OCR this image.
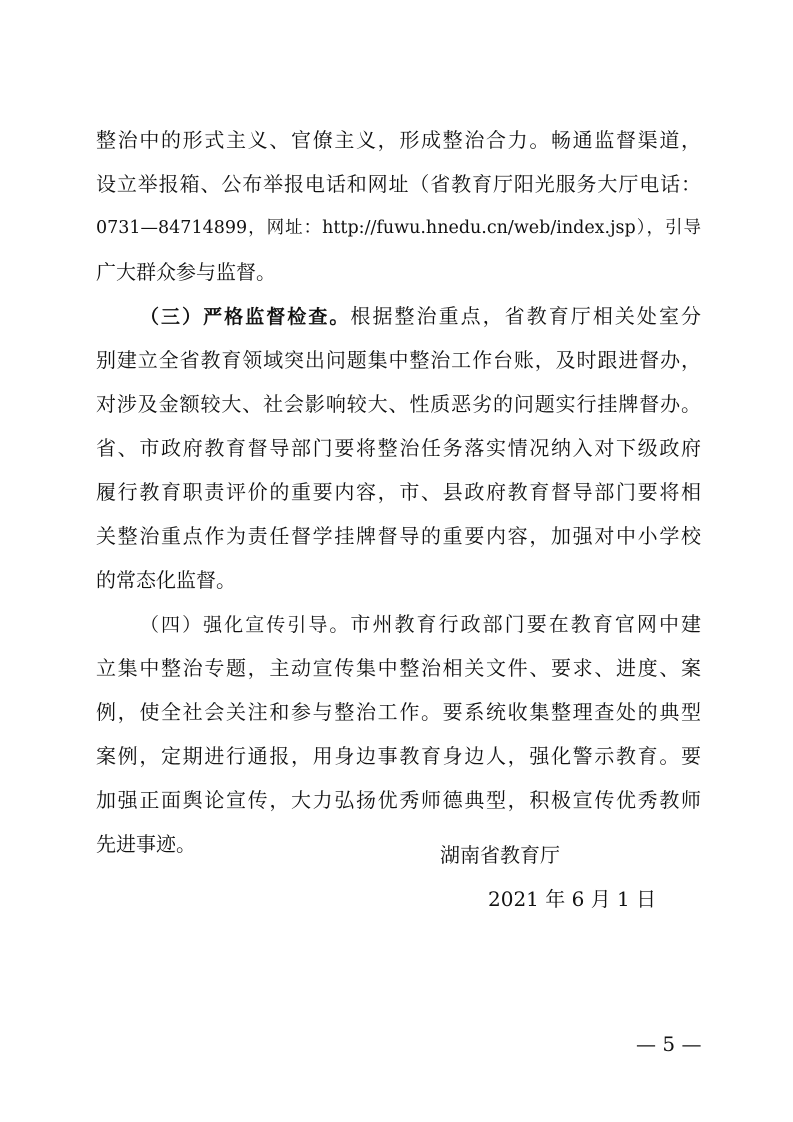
整治中的形式主义、官僚主义，形成整治合力。畅通监督渠道，
设立举报箱、公布举报电话和网址（省教育厅阳光服务大厅电话：
0731—84714899，网址：http://fuwu.hnedu.cn/web/index.jsp），引导
广大群众参与监督。
（三）严格监督检查。根据整治重点，省教育厅相关处室分
别建立全省教育领域突出问题集中整治工作台账，及时跟进督办，
对涉及金额较大、社会影响较大、性质恶劣的问题实行挂牌督办。
省、市政府教育督导部门要将整治任务落实情况纳入对下级政府
履行教育职责评价的重要内容，市、县政府教育督导部门要将相
关整治重点作为责任督学挂牌督导的重要内容，加强对中小学校
的常态化监督。
（四）强化宣传引导。市州教育行政部门要在教育官网中建
立集中整治专题，主动宣传集中整治相关文件、要求、进度、案
例，使全社会关注和参与整治工作。要系统收集整理查处的典型
案例，定期进行通报，用身边事教育身边人，强化警示教育。要
加强正面舆论宣传，大力弘扬优秀师德典型，积极宣传优秀教师
先进事迹。	湖南省教育厅
2021 年 6 月 1 日
— 5 —
